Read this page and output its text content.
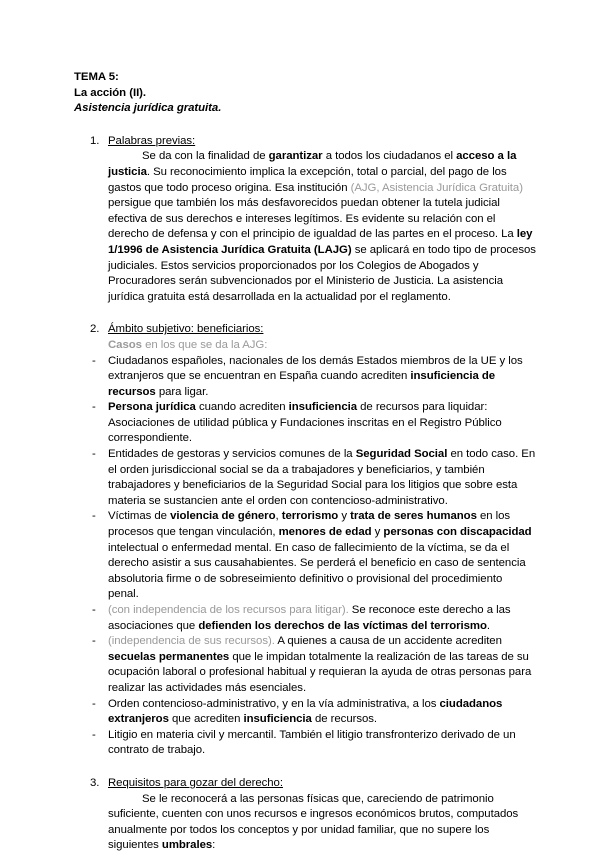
TEMA 5:
La acción (II).
Asistencia jurídica gratuita.
1. Palabras previas:

Se da con la finalidad de garantizar a todos los ciudadanos el acceso a la justicia. Su reconocimiento implica la excepción, total o parcial, del pago de los gastos que todo proceso origina. Esa institución (AJG, Asistencia Jurídica Gratuita) persigue que también los más desfavorecidos puedan obtener la tutela judicial efectiva de sus derechos e intereses legítimos. Es evidente su relación con el derecho de defensa y con el principio de igualdad de las partes en el proceso. La ley 1/1996 de Asistencia Jurídica Gratuita (LAJG) se aplicará en todo tipo de procesos judiciales. Estos servicios proporcionados por los Colegios de Abogados y Procuradores serán subvencionados por el Ministerio de Justicia. La asistencia jurídica gratuita está desarrollada en la actualidad por el reglamento.

2. Ámbito subjetivo: beneficiarios:
Casos en los que se da la AJG:
- Ciudadanos españoles, nacionales de los demás Estados miembros de la UE y los extranjeros que se encuentran en España cuando acrediten insuficiencia de recursos para ligar.
- Persona jurídica cuando acrediten insuficiencia de recursos para liquidar: Asociaciones de utilidad pública y Fundaciones inscritas en el Registro Público correspondiente.
- Entidades de gestoras y servicios comunes de la Seguridad Social en todo caso. En el orden jurisdiccional social se da a trabajadores y beneficiarios, y también trabajadores y beneficiarios de la Seguridad Social para los litigios que sobre esta materia se sustancien ante el orden con contencioso-administrativo.
- Víctimas de violencia de género, terrorismo y trata de seres humanos en los procesos que tengan vinculación, menores de edad y personas con discapacidad intelectual o enfermedad mental. En caso de fallecimiento de la víctima, se da el derecho asistir a sus causahabientes. Se perderá el beneficio en caso de sentencia absolutoria firme o de sobreseimiento definitivo o provisional del procedimiento penal.
- (con independencia de los recursos para litigar). Se reconoce este derecho a las asociaciones que defienden los derechos de las víctimas del terrorismo.
- (independencia de sus recursos). A quienes a causa de un accidente acrediten secuelas permanentes que le impidan totalmente la realización de las tareas de su ocupación laboral o profesional habitual y requieran la ayuda de otras personas para realizar las actividades más esenciales.
- Orden contencioso-administrativo, y en la vía administrativa, a los ciudadanos extranjeros que acrediten insuficiencia de recursos.
- Litigio en materia civil y mercantil. También el litigio transfronterizo derivado de un contrato de trabajo.
3. Requisitos para gozar del derecho:

Se le reconocerá a las personas físicas que, careciendo de patrimonio suficiente, cuenten con unos recursos e ingresos económicos brutos, computados anualmente por todos los conceptos y por unidad familiar, que no supere los siguientes umbrales:
